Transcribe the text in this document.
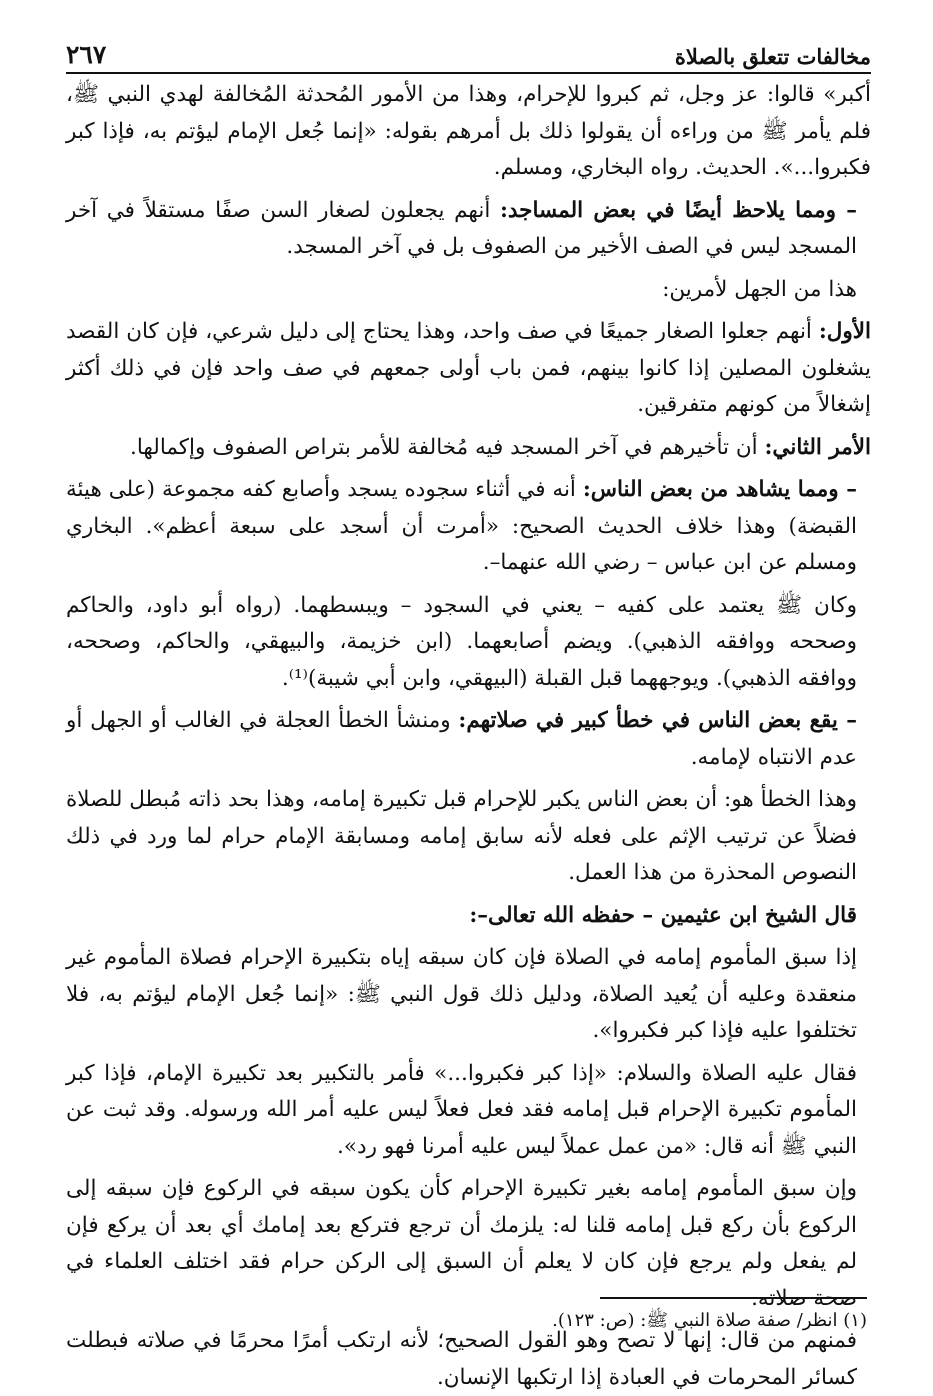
مخالفات تتعلق بالصلاة
٢٦٧

أكبر» قالوا: عز وجل، ثم كبروا للإحرام، وهذا من الأمور المُحدثة المُخالفة لهدي النبي ﷺ، فلم يأمر ﷺ من وراءه أن يقولوا ذلك بل أمرهم بقوله: «إنما جُعل الإمام ليؤتم به، فإذا كبر فكبروا...». الحديث. رواه البخاري، ومسلم.

– ومما يلاحظ أيضًا في بعض المساجد: أنهم يجعلون لصغار السن صفًا مستقلاً في آخر المسجد ليس في الصف الأخير من الصفوف بل في آخر المسجد.

هذا من الجهل لأمرين:

الأول: أنهم جعلوا الصغار جميعًا في صف واحد، وهذا يحتاج إلى دليل شرعي، فإن كان القصد يشغلون المصلين إذا كانوا بينهم، فمن باب أولى جمعهم في صف واحد فإن في ذلك أكثر إشغالاً من كونهم متفرقين.

الأمر الثاني: أن تأخيرهم في آخر المسجد فيه مُخالفة للأمر بتراص الصفوف وإكمالها.

– ومما يشاهد من بعض الناس: أنه في أثناء سجوده يسجد وأصابع كفه مجموعة (على هيئة القبضة) وهذا خلاف الحديث الصحيح: «أمرت أن أسجد على سبعة أعظم». البخاري ومسلم عن ابن عباس – رضي الله عنهما–.

وكان ﷺ يعتمد على كفيه – يعني في السجود – ويبسطهما. (رواه أبو داود، والحاكم وصححه ووافقه الذهبي). ويضم أصابعهما. (ابن خزيمة، والبيهقي، والحاكم، وصححه، ووافقه الذهبي). ويوجههما قبل القبلة (البيهقي، وابن أبي شيبة)⁽¹⁾.

– يقع بعض الناس في خطأ كبير في صلاتهم: ومنشأ الخطأ العجلة في الغالب أو الجهل أو عدم الانتباه لإمامه.

وهذا الخطأ هو: أن بعض الناس يكبر للإحرام قبل تكبيرة إمامه، وهذا بحد ذاته مُبطل للصلاة فضلاً عن ترتيب الإثم على فعله لأنه سابق إمامه ومسابقة الإمام حرام لما ورد في ذلك النصوص المحذرة من هذا العمل.

قال الشيخ ابن عثيمين – حفظه الله تعالى–:

إذا سبق المأموم إمامه في الصلاة فإن كان سبقه إياه بتكبيرة الإحرام فصلاة المأموم غير منعقدة وعليه أن يُعيد الصلاة، ودليل ذلك قول النبي ﷺ: «إنما جُعل الإمام ليؤتم به، فلا تختلفوا عليه فإذا كبر فكبروا».

فقال عليه الصلاة والسلام: «إذا كبر فكبروا...» فأمر بالتكبير بعد تكبيرة الإمام، فإذا كبر المأموم تكبيرة الإحرام قبل إمامه فقد فعل فعلاً ليس عليه أمر الله ورسوله. وقد ثبت عن النبي ﷺ أنه قال: «من عمل عملاً ليس عليه أمرنا فهو رد».

وإن سبق المأموم إمامه بغير تكبيرة الإحرام كأن يكون سبقه في الركوع فإن سبقه إلى الركوع بأن ركع قبل إمامه قلنا له: يلزمك أن ترجع فتركع بعد إمامك أي بعد أن يركع فإن لم يفعل ولم يرجع فإن كان لا يعلم أن السبق إلى الركن حرام فقد اختلف العلماء في صحة صلاته.

فمنهم من قال: إنها لا تصح وهو القول الصحيح؛ لأنه ارتكب أمرًا محرمًا في صلاته فبطلت كسائر المحرمات في العبادة إذا ارتكبها الإنسان.

(١) انظر/ صفة صلاة النبي ﷺ: (ص: ١٢٣).
